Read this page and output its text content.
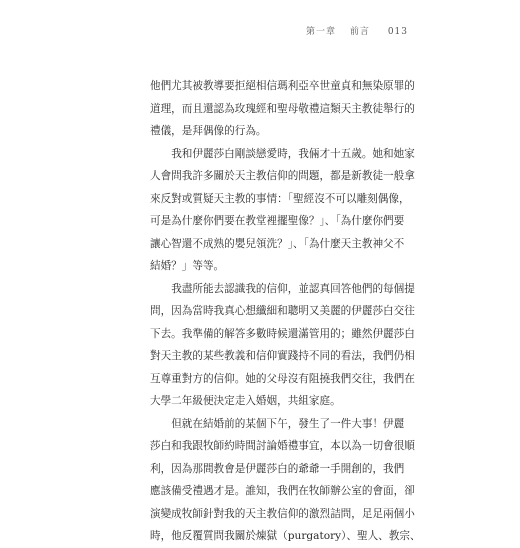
第一章 前言 013
他們尤其被教導要拒絕相信瑪利亞卒世童貞和無染原罪的
道理，而且還認為玫瑰經和聖母敬禮這類天主教徒舉行的
禮儀，是拜偶像的行為。
我和伊麗莎白剛談戀愛時，我倆才十五歲。她和她家
人會問我許多關於天主教信仰的問題，都是新教徒一般拿
來反對或質疑天主教的事情：「聖經沒不可以雕刻偶像，
可是為什麼你們要在教堂裡擺聖像？」、「為什麼你們要
讓心智還不成熟的嬰兒領洗？」、「為什麼天主教神父不
結婚？」等等。
我盡所能去認識我的信仰，並認真回答他們的每個提
問，因為當時我真心想纖細和聰明又美麗的伊麗莎白交往
下去。我準備的解答多數時候還滿管用的；雖然伊麗莎白
對天主教的某些教義和信仰實踐持不同的看法，我們仍相
互尊重對方的信仰。她的父母沒有阻撓我們交往，我們在
大學二年級便決定走入婚姻，共組家庭。
但就在結婚前的某個下午，發生了一件大事！伊麗
莎白和我跟牧師約時間討論婚禮事宜，本以為一切會很順
利，因為那間教會是伊麗莎白的爺爺一手開創的，我們
應該備受禮遇才是。誰知，我們在牧師辦公室的會面，卻
演變成牧師針對我的天主教信仰的激烈詰問，足足兩個小
時，他反覆質問我關於煉獄（purgatory）、聖人、教宗、
